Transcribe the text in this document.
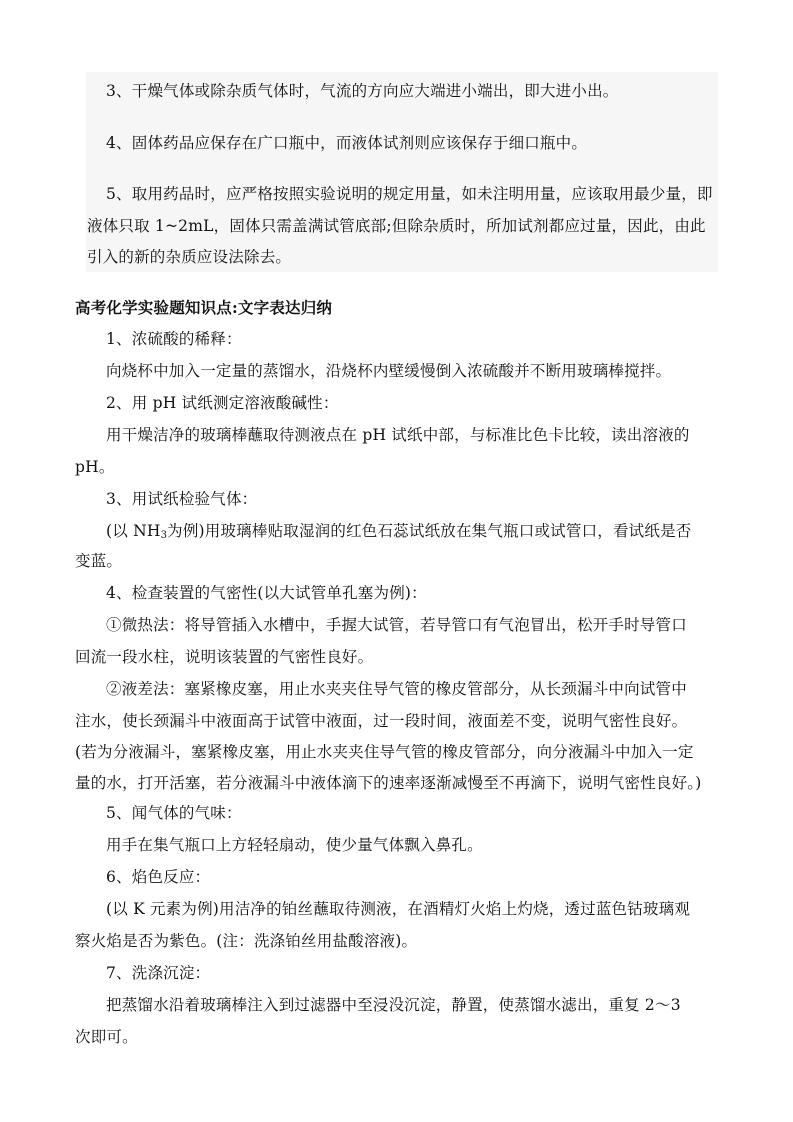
3、干燥气体或除杂质气体时，气流的方向应大端进小端出，即大进小出。
4、固体药品应保存在广口瓶中，而液体试剂则应该保存于细口瓶中。
5、取用药品时，应严格按照实验说明的规定用量，如未注明用量，应该取用最少量，即
液体只取 1~2mL，固体只需盖满试管底部;但除杂质时，所加试剂都应过量，因此，由此
引入的新的杂质应设法除去。
高考化学实验题知识点:文字表达归纳
1、浓硫酸的稀释：
向烧杯中加入一定量的蒸馏水，沿烧杯内壁缓慢倒入浓硫酸并不断用玻璃棒搅拌。
2、用 pH 试纸测定溶液酸碱性：
用干燥洁净的玻璃棒蘸取待测液点在 pH 试纸中部，与标准比色卡比较，读出溶液的
pH。
3、用试纸检验气体：
(以 $NH_3$为例)用玻璃棒贴取湿润的红色石蕊试纸放在集气瓶口或试管口，看试纸是否
变蓝。
4、检查装置的气密性(以大试管单孔塞为例)：
①微热法：将导管插入水槽中，手握大试管，若导管口有气泡冒出，松开手时导管口
回流一段水柱，说明该装置的气密性良好。
②液差法：塞紧橡皮塞，用止水夹夹住导气管的橡皮管部分，从长颈漏斗中向试管中
注水，使长颈漏斗中液面高于试管中液面，过一段时间，液面差不变，说明气密性良好。
(若为分液漏斗，塞紧橡皮塞，用止水夹夹住导气管的橡皮管部分，向分液漏斗中加入一定
量的水，打开活塞，若分液漏斗中液体滴下的速率逐渐减慢至不再滴下，说明气密性良好。)
5、闻气体的气味：
用手在集气瓶口上方轻轻扇动，使少量气体飘入鼻孔。
6、焰色反应：
(以 K 元素为例)用洁净的铂丝蘸取待测液，在酒精灯火焰上灼烧，透过蓝色钴玻璃观
察火焰是否为紫色。(注：洗涤铂丝用盐酸溶液)。
7、洗涤沉淀：
把蒸馏水沿着玻璃棒注入到过滤器中至浸没沉淀，静置，使蒸馏水滤出，重复 2～3
次即可。
